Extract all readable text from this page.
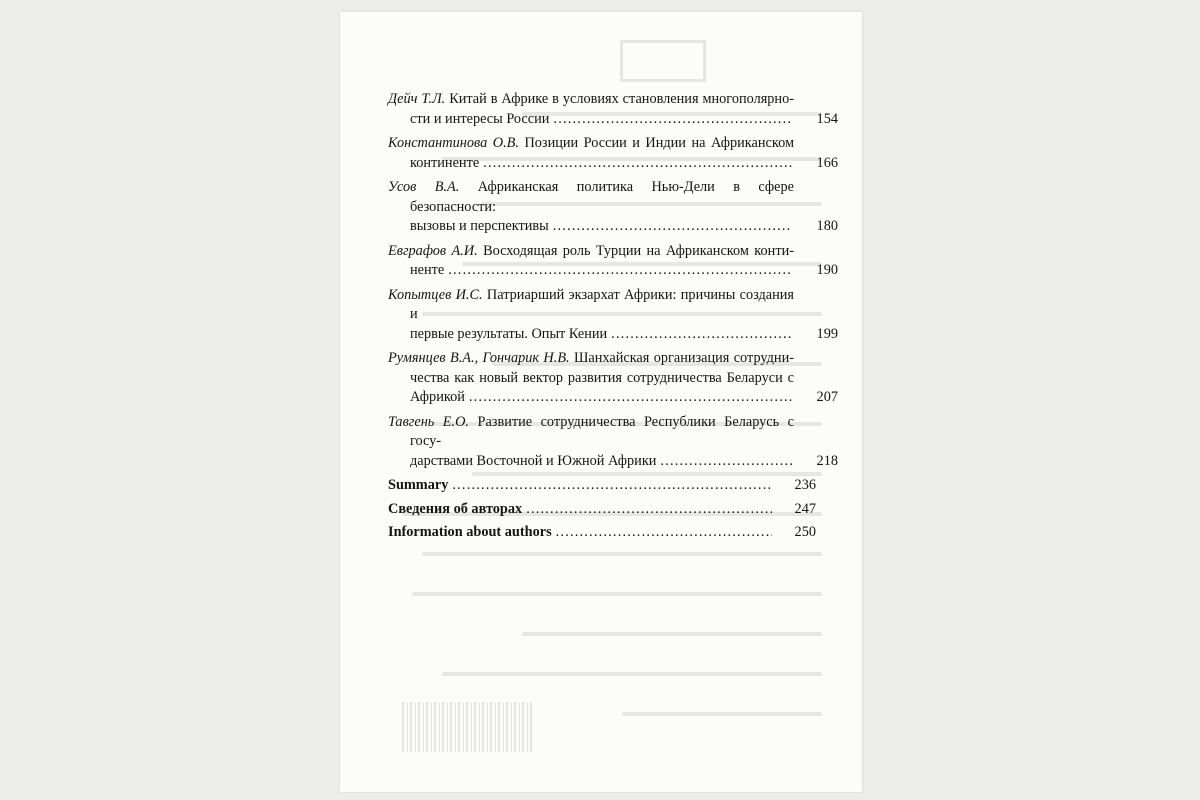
Дейч Т.Л. Китай в Африке в условиях становления многополярно-
сти и интересы России .....	154
Константинова О.В. Позиции России и Индии на Африканском
континенте .....	166
Усов В.А. Африканская политика Нью-Дели в сфере безопасности:
вызовы и перспективы .....	180
Евграфов А.И. Восходящая роль Турции на Африканском конти-
ненте .....	190
Копытцев И.С. Патриарший экзархат Африки: причины создания и
первые результаты. Опыт Кении .....	199
Румянцев В.А., Гончарик Н.В. Шанхайская организация сотрудни-
чества как новый вектор развития сотрудничества Беларуси с
Африкой .....	207
Тавгень Е.О. Развитие сотрудничества Республики Беларусь с госу-
дарствами Восточной и Южной Африки .....	218
Summary .....	236
Сведения об авторах .....	247
Information about authors .....	250
